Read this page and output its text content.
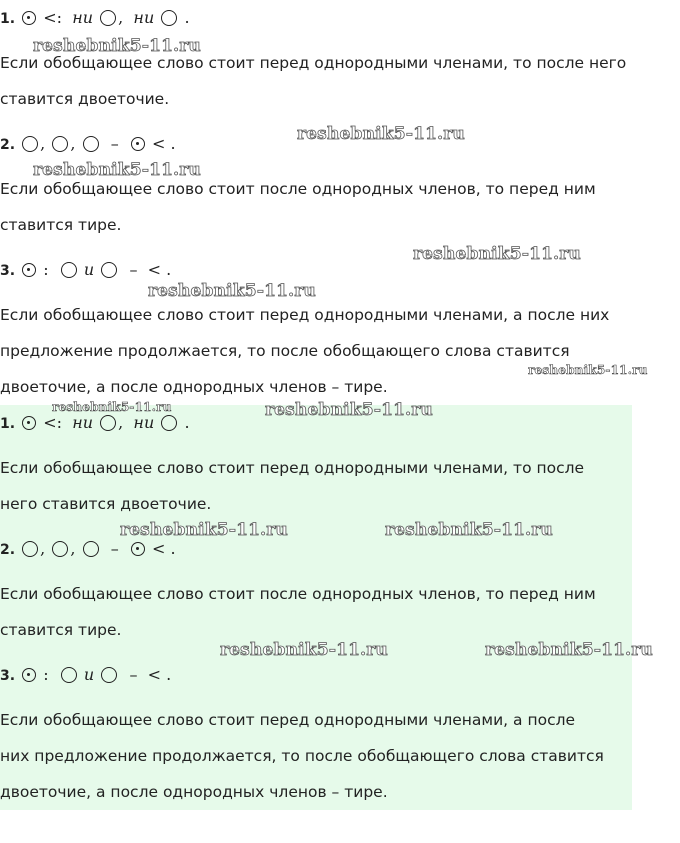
1. <: ни , ни .
Если обобщающее слово стоит перед однородными членами, то после него
ставится двоеточие.
2. , , – < .
Если обобщающее слово стоит после однородных членов, то перед ним
ставится тире.
3. : и – < .
Если обобщающее слово стоит перед однородными членами, а после них
предложение продолжается, то после обобщающего слова ставится
двоеточие, а после однородных членов – тире.
1. <: ни , ни .
Если обобщающее слово стоит перед однородными членами, то после
него ставится двоеточие.
2. , , – < .
Если обобщающее слово стоит после однородных членов, то перед ним
ставится тире.
3. : и – < .
Если обобщающее слово стоит перед однородными членами, а после
них предложение продолжается, то после обобщающего слова ставится
двоеточие, а после однородных членов – тире.
reshebnik5-11.ru
reshebnik5-11.ru
reshebnik5-11.ru
reshebnik5-11.ru
reshebnik5-11.ru
reshebnik5-11.ru
reshebnik5-11.ru	reshebnik5-11.ru
reshebnik5-11.ru	reshebnik5-11.ru
reshebnik5-11.ru	reshebnik5-11.ru
